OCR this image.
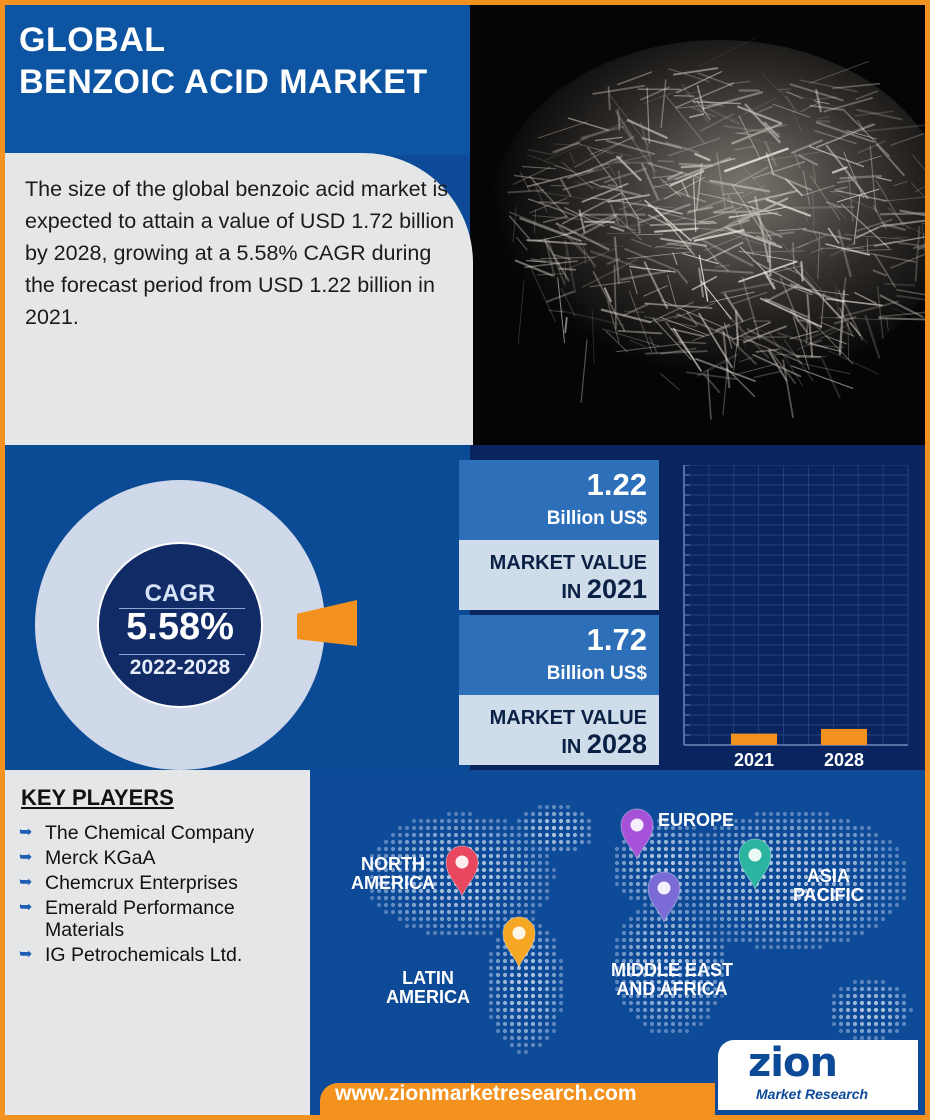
GLOBAL
BENZOIC ACID MARKET

The size of the global benzoic acid market is expected to attain a value of USD 1.72 billion by 2028, growing at a 5.58% CAGR during the forecast period from USD 1.22 billion in 2021.

CAGR
5.58%
2022-2028
1.22
Billion US$
MARKET VALUE
IN 2021
1.72
Billion US$
MARKET VALUE
IN 2028
2021	2028
KEY PLAYERS
➥ The Chemical Company
➥ Merck KGaA
➥ Chemcrux Enterprises
➥ Emerald Performance Materials
➥ IG Petrochemicals Ltd.
NORTH
AMERICA
EUROPE
ASIA
PACIFIC
LATIN
AMERICA
MIDDLE EAST
AND AFRICA
www.zionmarketresearch.com
zion
Market Research
